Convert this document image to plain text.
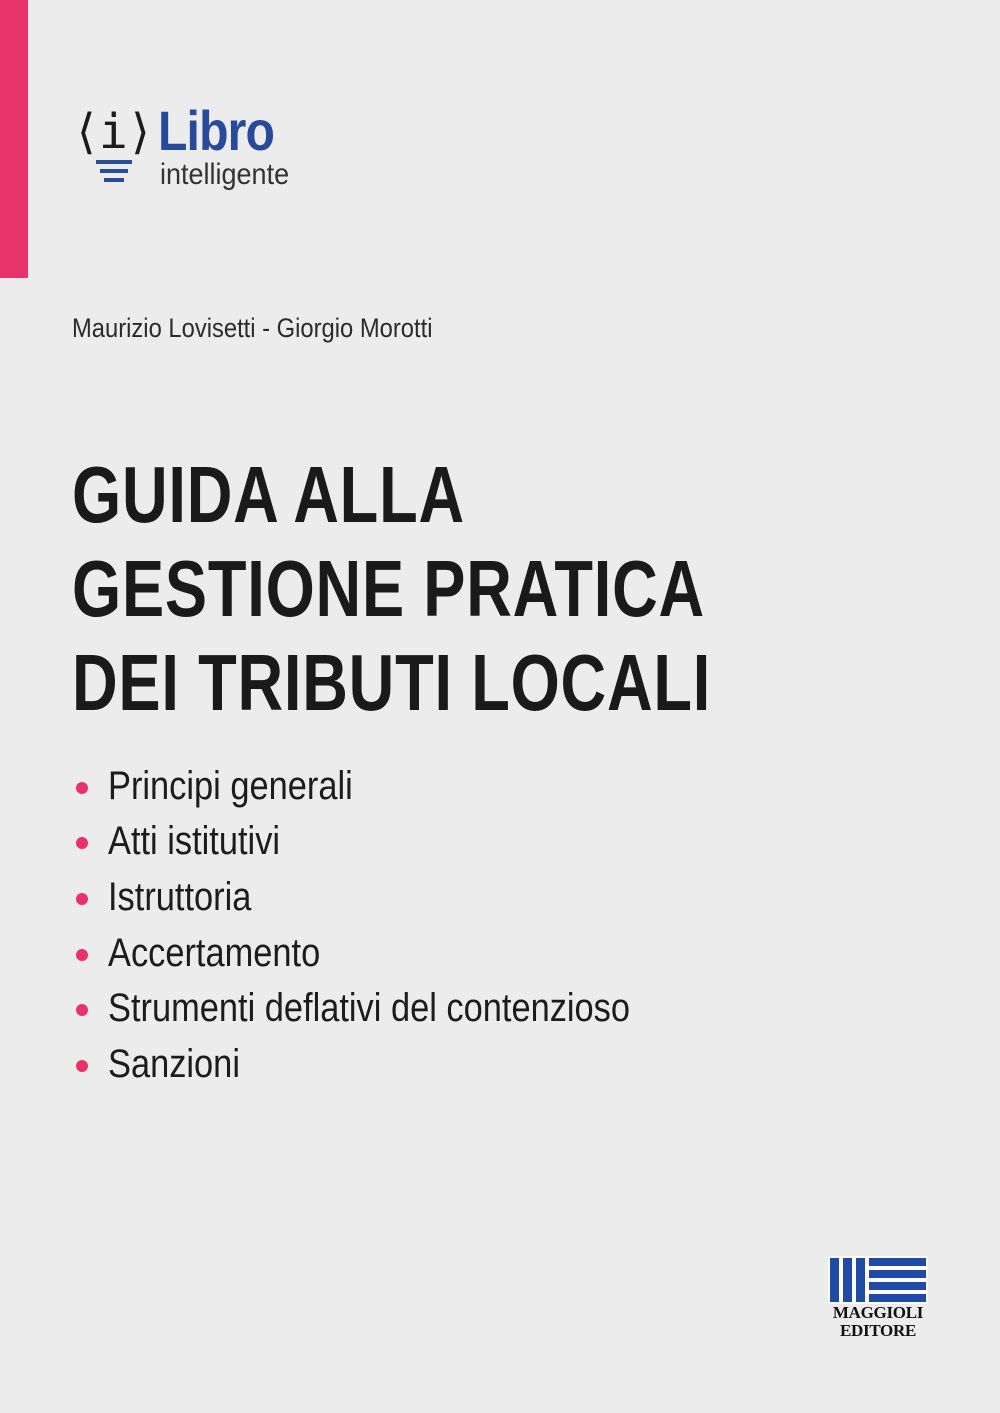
⟨i⟩ Libro
intelligente
Maurizio Lovisetti - Giorgio Morotti
GUIDA ALLA
GESTIONE PRATICA
DEI TRIBUTI LOCALI
Principi generali
Atti istitutivi
Istruttoria
Accertamento
Strumenti deflativi del contenzioso
Sanzioni
MAGGIOLI
EDITORE
